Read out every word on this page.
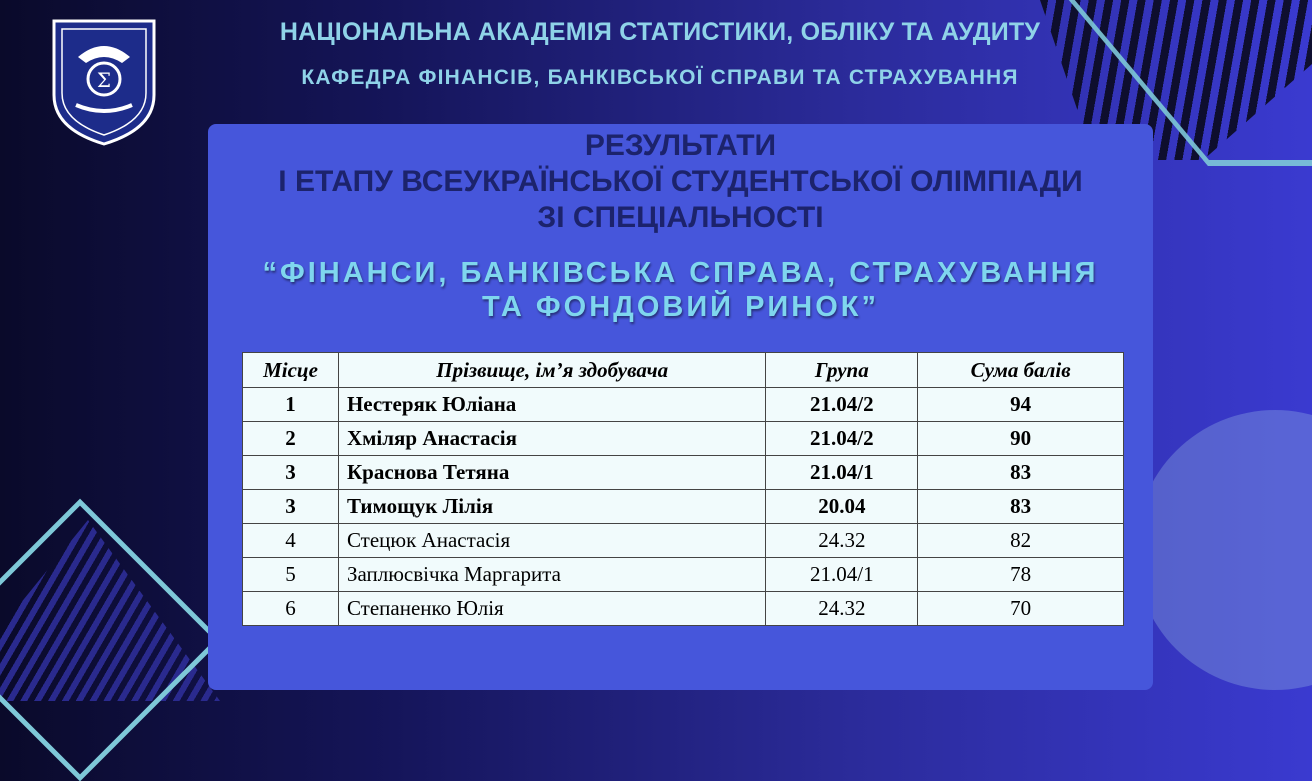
Σ
НАЦІОНАЛЬНА АКАДЕМІЯ СТАТИСТИКИ, ОБЛІКУ ТА АУДИТУ
КАФЕДРА ФІНАНСІВ, БАНКІВСЬКОЇ СПРАВИ ТА СТРАХУВАННЯ
РЕЗУЛЬТАТИ
І ЕТАПУ ВСЕУКРАЇНСЬКОЇ СТУДЕНТСЬКОЇ ОЛІМПІАДИ
ЗІ СПЕЦІАЛЬНОСТІ
“ФІНАНСИ, БАНКІВСЬКА СПРАВА, СТРАХУВАННЯ
ТА ФОНДОВИЙ РИНОК”
Місце	Прізвище, ім’я здобувача	Група	Сума балів
1	Нестеряк Юліана	21.04/2	94
2	Хміляр Анастасія	21.04/2	90
3	Краснова Тетяна	21.04/1	83
3	Тимощук Лілія	20.04	83
4	Стецюк Анастасія	24.32	82
5	Заплюсвічка Маргарита	21.04/1	78
6	Степаненко Юлія	24.32	70
